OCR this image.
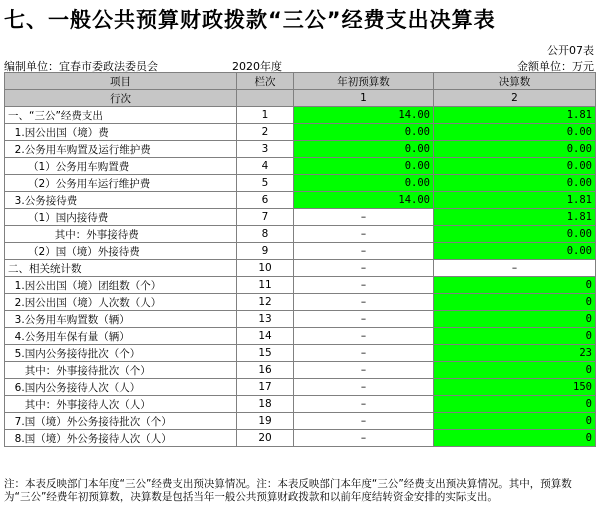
七、一般公共预算财政拨款“三公”经费支出决算表
公开07表
编制单位：宜春市委政法委员会	2020年度	金额单位：万元
项目	栏次	年初预算数	决算数
行次		1	2
一、“三公”经费支出	1	14.00	1.81
1.因公出国（境）费	2	0.00	0.00
2.公务用车购置及运行维护费	3	0.00	0.00
（1）公务用车购置费	4	0.00	0.00
（2）公务用车运行维护费	5	0.00	0.00
3.公务接待费	6	14.00	1.81
（1）国内接待费	7	–	1.81
其中：外事接待费	8	–	0.00
（2）国（境）外接待费	9	–	0.00
二、相关统计数	10	–	–
1.因公出国（境）团组数（个）	11	–	0
2.因公出国（境）人次数（人）	12	–	0
3.公务用车购置数（辆）	13	–	0
4.公务用车保有量（辆）	14	–	0
5.国内公务接待批次（个）	15	–	23
其中：外事接待批次（个）	16	–	0
6.国内公务接待人次（人）	17	–	150
其中：外事接待人次（人）	18	–	0
7.国（境）外公务接待批次（个）	19	–	0
8.国（境）外公务接待人次（人）	20	–	0
注：本表反映部门本年度“三公”经费支出预决算情况。注：本表反映部门本年度“三公”经费支出预决算情况。其中，预算数为“三公”经费年初预算数，决算数是包括当年一般公共预算财政拨款和以前年度结转资金安排的实际支出。
